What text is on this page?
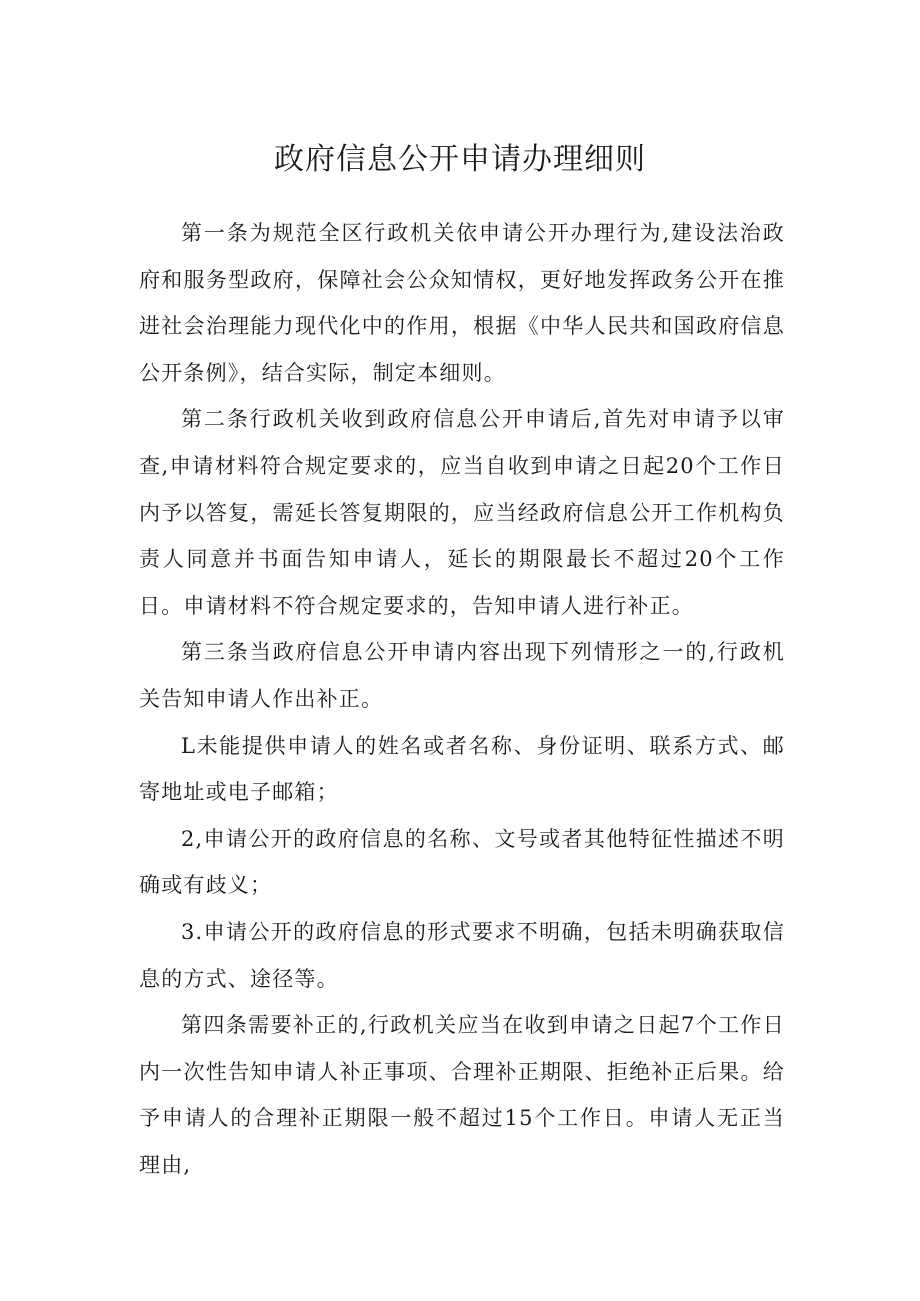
政府信息公开申请办理细则

第一条为规范全区行政机关依申请公开办理行为,建设法治政府和服务型政府，保障社会公众知情权，更好地发挥政务公开在推进社会治理能力现代化中的作用，根据《中华人民共和国政府信息公开条例》，结合实际，制定本细则。

第二条行政机关收到政府信息公开申请后,首先对申请予以审查,申请材料符合规定要求的，应当自收到申请之日起20个工作日内予以答复，需延长答复期限的，应当经政府信息公开工作机构负责人同意并书面告知申请人，延长的期限最长不超过20个工作日。申请材料不符合规定要求的，告知申请人进行补正。

第三条当政府信息公开申请内容出现下列情形之一的,行政机关告知申请人作出补正。

L未能提供申请人的姓名或者名称、身份证明、联系方式、邮寄地址或电子邮箱；

2,申请公开的政府信息的名称、文号或者其他特征性描述不明确或有歧义；

3.申请公开的政府信息的形式要求不明确，包括未明确获取信息的方式、途径等。

第四条需要补正的,行政机关应当在收到申请之日起7个工作日内一次性告知申请人补正事项、合理补正期限、拒绝补正后果。给予申请人的合理补正期限一般不超过15个工作日。申请人无正当理由,
